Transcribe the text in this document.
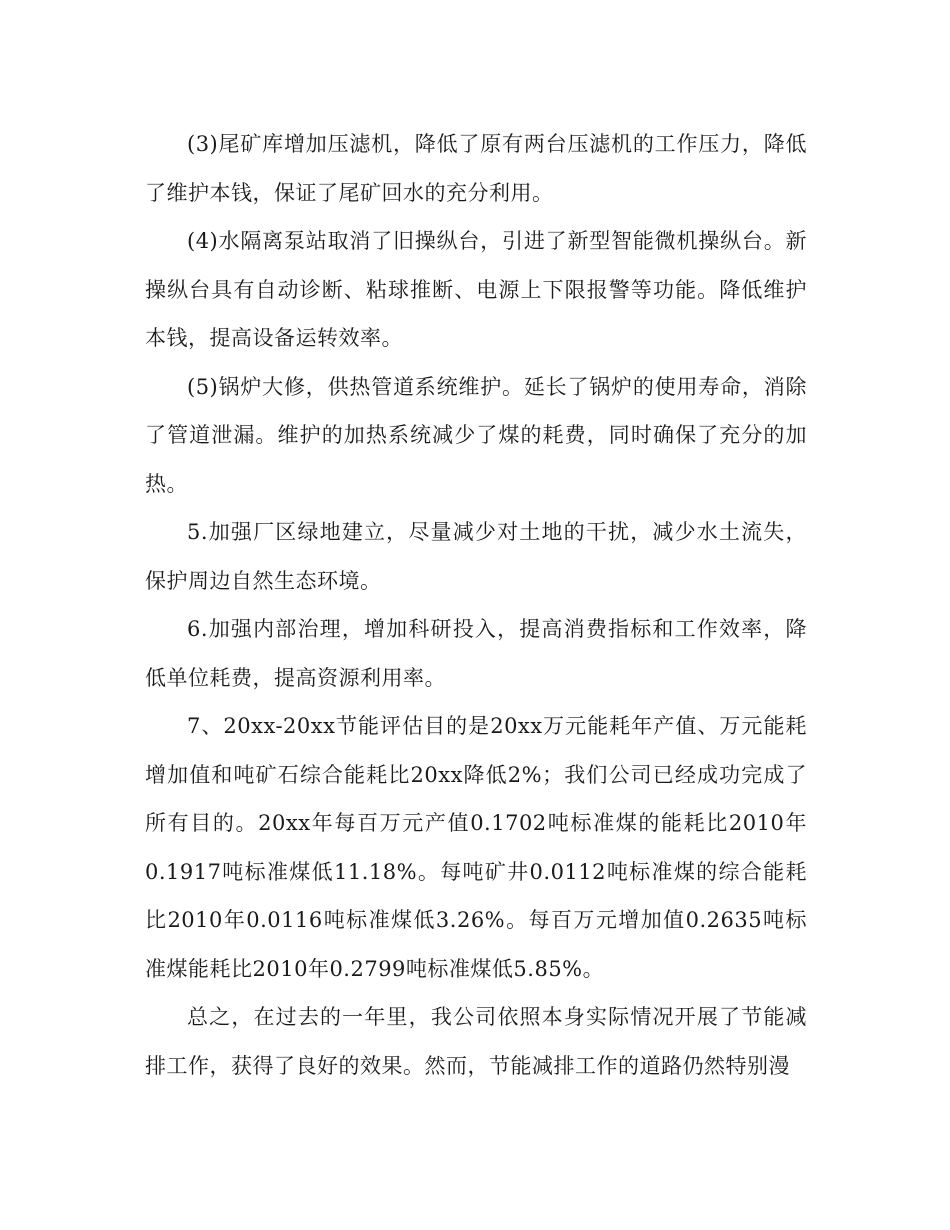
(3)尾矿库增加压滤机，降低了原有两台压滤机的工作压力，降低了维护本钱，保证了尾矿回水的充分利用。

(4)水隔离泵站取消了旧操纵台，引进了新型智能微机操纵台。新操纵台具有自动诊断、粘球推断、电源上下限报警等功能。降低维护本钱，提高设备运转效率。

(5)锅炉大修，供热管道系统维护。延长了锅炉的使用寿命，消除了管道泄漏。维护的加热系统减少了煤的耗费，同时确保了充分的加热。

5.加强厂区绿地建立，尽量减少对土地的干扰，减少水土流失，保护周边自然生态环境。

6.加强内部治理，增加科研投入，提高消费指标和工作效率，降低单位耗费，提高资源利用率。

7、20xx-20xx节能评估目的是20xx万元能耗年产值、万元能耗增加值和吨矿石综合能耗比20xx降低2%；我们公司已经成功完成了所有目的。20xx年每百万元产值0.1702吨标准煤的能耗比2010年0.1917吨标准煤低11.18%。每吨矿井0.0112吨标准煤的综合能耗比2010年0.0116吨标准煤低3.26%。每百万元增加值0.2635吨标准煤能耗比2010年0.2799吨标准煤低5.85%。

总之，在过去的一年里，我公司依照本身实际情况开展了节能减排工作，获得了良好的效果。然而，节能减排工作的道路仍然特别漫
